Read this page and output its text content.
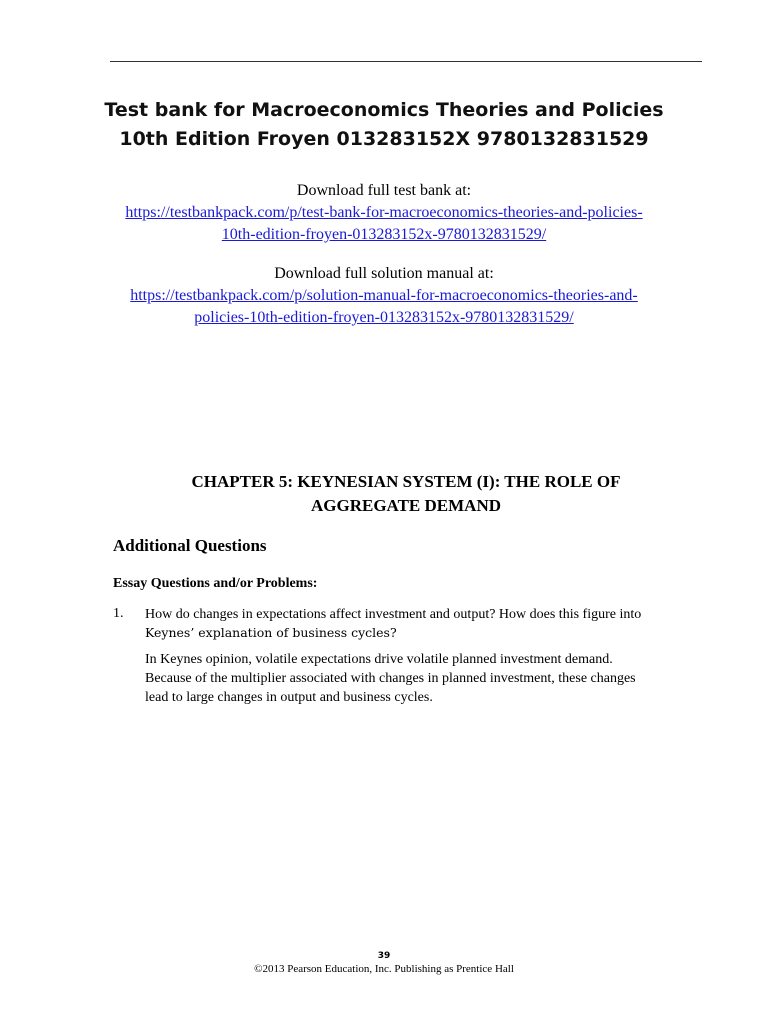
Test bank for Macroeconomics Theories and Policies
10th Edition Froyen 013283152X 9780132831529
Download full test bank at:
https://testbankpack.com/p/test-bank-for-macroeconomics-theories-and-policies-
10th-edition-froyen-013283152x-9780132831529/
Download full solution manual at:
https://testbankpack.com/p/solution-manual-for-macroeconomics-theories-and-
policies-10th-edition-froyen-013283152x-9780132831529/
CHAPTER 5: KEYNESIAN SYSTEM (I): THE ROLE OF
AGGREGATE DEMAND
Additional Questions
Essay Questions and/or Problems:
1. How do changes in expectations affect investment and output? How does this figure into
Keynes’ explanation of business cycles?
In Keynes opinion, volatile expectations drive volatile planned investment demand.
Because of the multiplier associated with changes in planned investment, these changes
lead to large changes in output and business cycles.
39
©2013 Pearson Education, Inc. Publishing as Prentice Hall
